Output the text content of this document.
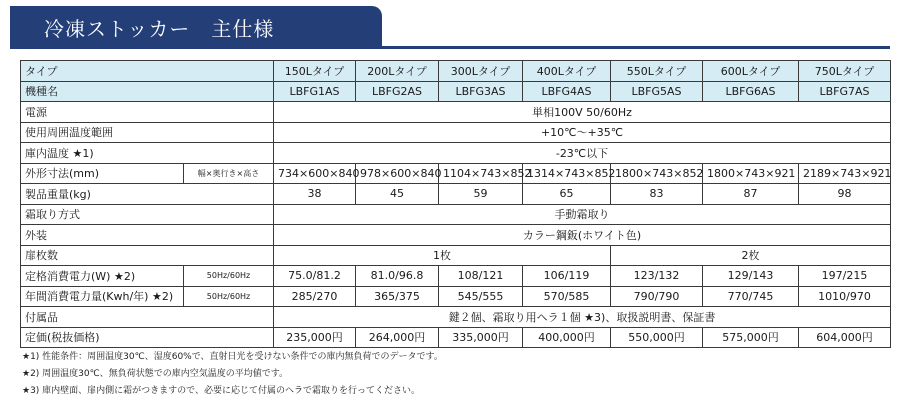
冷凍ストッカー　主仕様
タイプ		150Lタイプ	200Lタイプ	300Lタイプ	400Lタイプ	550Lタイプ	600Lタイプ	750Lタイプ
機種名		LBFG1AS	LBFG2AS	LBFG3AS	LBFG4AS	LBFG5AS	LBFG6AS	LBFG7AS
電源		単相100V 50/60Hz						
使用周囲温度範囲		+10℃～+35℃						
庫内温度 ★1)		-23℃以下						
外形寸法(mm)	幅×奥行き×高さ	734×600×840	978×600×840	1104×743×852	1314×743×852	1800×743×852	1800×743×921	2189×743×921
製品重量(kg)		38	45	59	65	83	87	98
霜取り方式		手動霜取り						
外装		カラー鋼鈑(ホワイト色)						
扉枚数		1枚				2枚		
定格消費電力(W) ★2)	50Hz/60Hz	75.0/81.2	81.0/96.8	108/121	106/119	123/132	129/143	197/215
年間消費電力量(Kwh/年) ★2)	50Hz/60Hz	285/270	365/375	545/555	570/585	790/790	770/745	1010/970
付属品		鍵２個、霜取り用ヘラ１個 ★3)、取扱説明書、保証書						
定価(税抜価格)		235,000円	264,000円	335,000円	400,000円	550,000円	575,000円	604,000円
★1) 性能条件：周囲温度30℃、湿度60%で、直射日光を受けない条件での庫内無負荷でのデータです。
★2) 周囲温度30℃、無負荷状態での庫内空気温度の平均値です。
★3) 庫内壁面、扉内側に霜がつきますので、必要に応じて付属のヘラで霜取りを行ってください。
